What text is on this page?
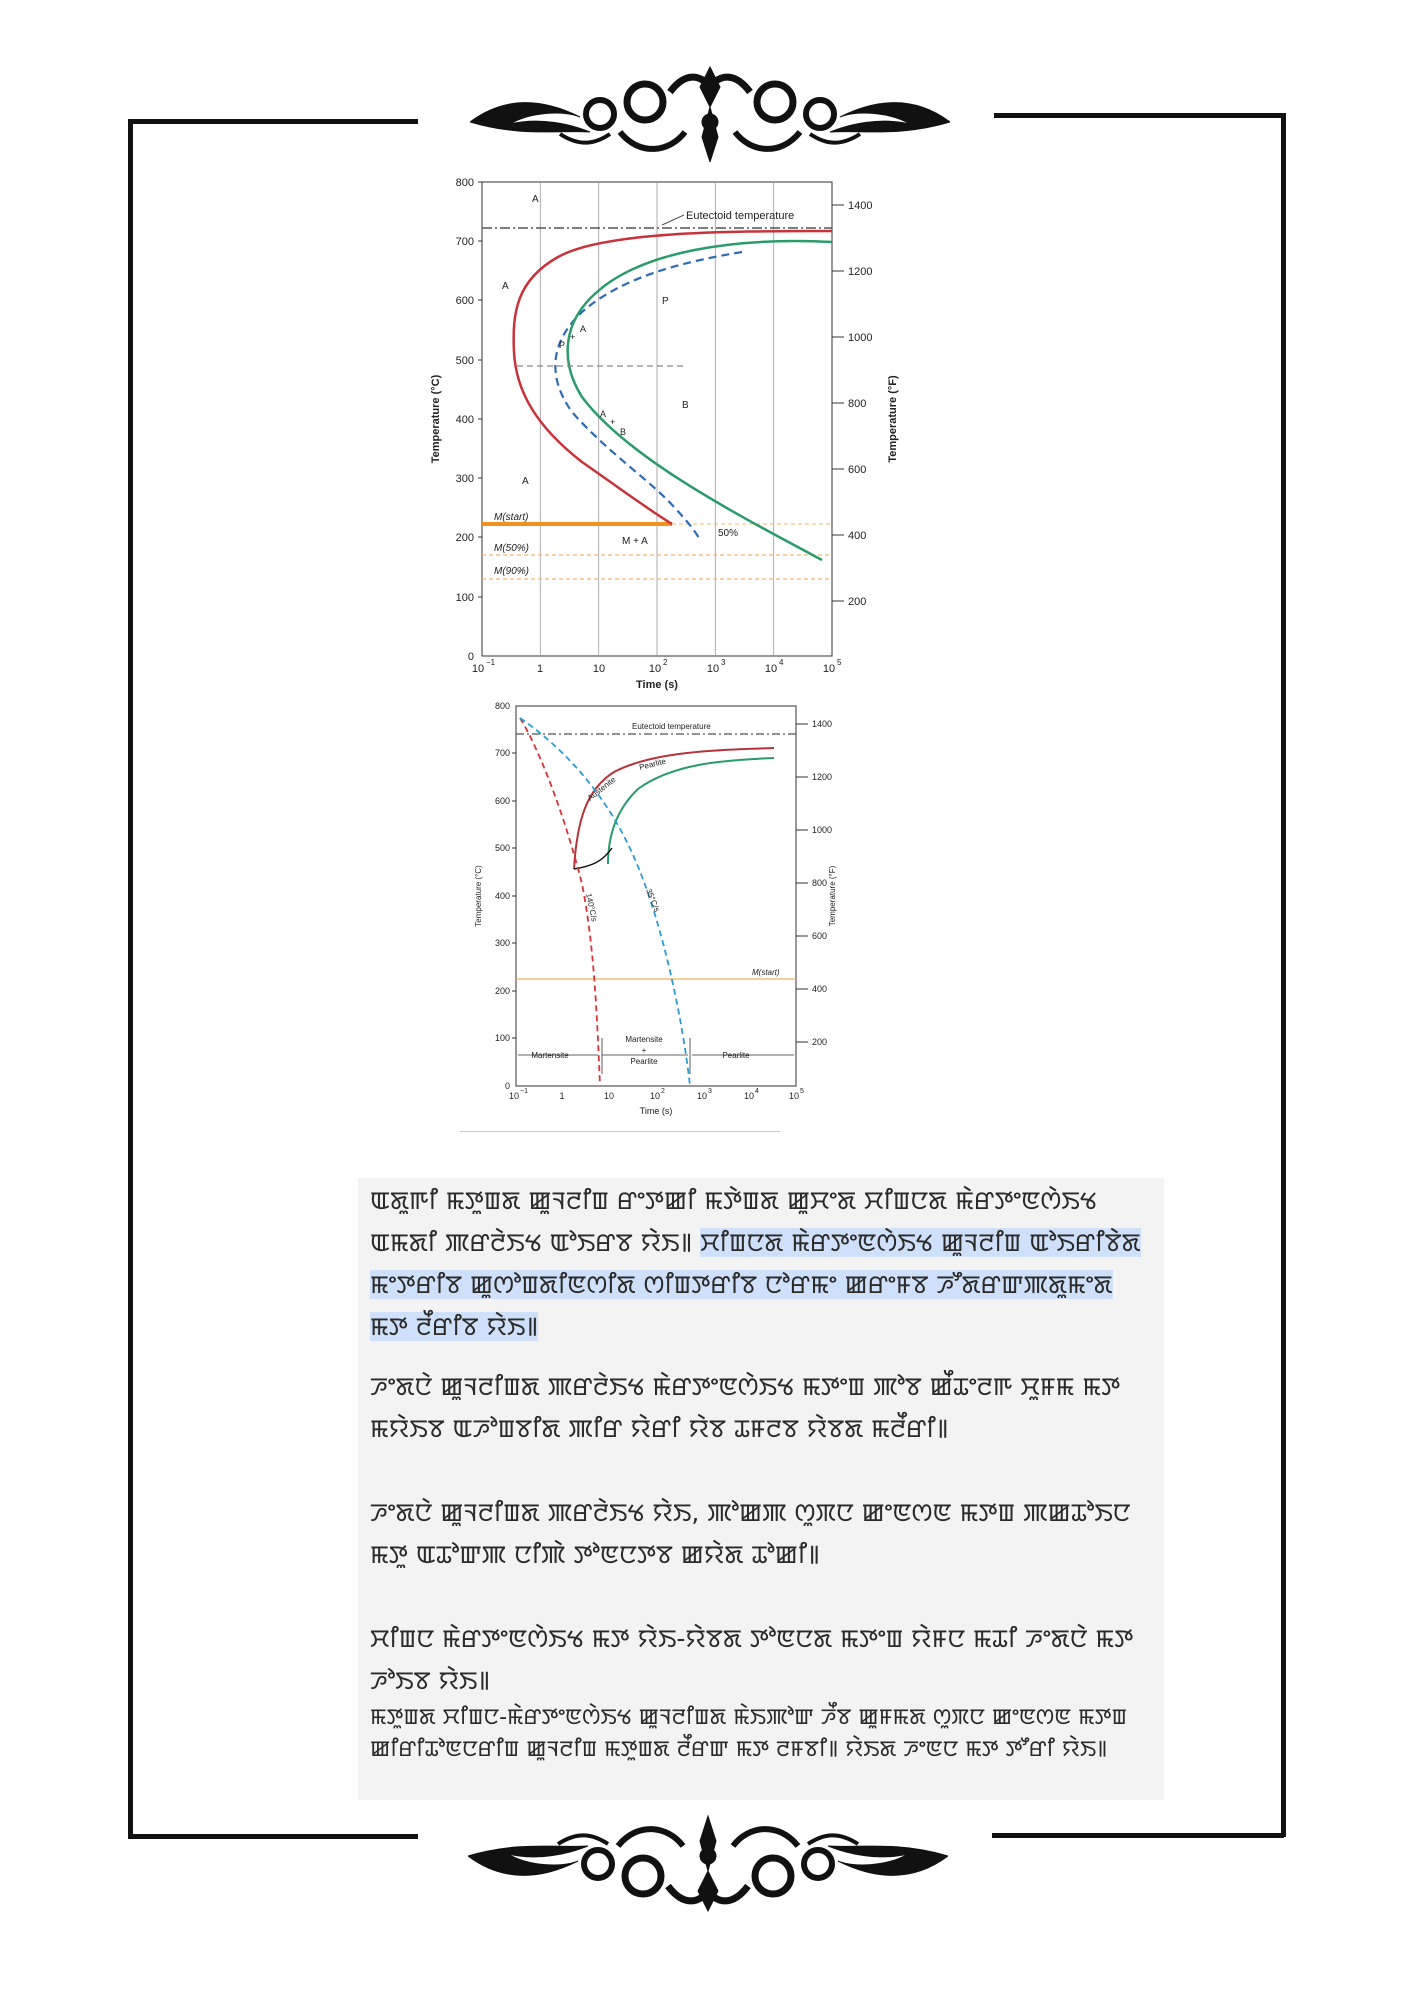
Eutectoid temperature
800
700
600
500
400
300
200
100
0
1400
1200
1000
800
600
400
200
10	1	10	10	10	10	10
−1	2	3	4	5
Time (s)
Temperature (°C)	Temperature (°F)
A
A
A
P
B
P
+
A
A
+
B
M(start)
M(50%)
M(90%)
M + A
50%
Eutectoid temperature
800
700
600
500
400
300
200
100
0
1400
1200
1000
800
600
400
200
10	1	10	10	10	10	10
−1	2	3	4	5
Time (s)
Temperature (°C)	Temperature (°F)
M(start)
Austenite
Pearlite
140°C/s	35°C/s
Martensite
Martensite
+
Pearlite
Pearlite
ꯑꯗꯨꯒꯤ ꯃꯇꯨꯡꯗ ꯀꯨꯜꯂꯤꯡ ꯔꯦꯇꯀꯤ ꯃꯇꯥꯡꯗ ꯀꯨꯆꯦꯗ ꯆꯤꯡꯅꯗ ꯃꯥꯔꯇꯦꯟꯁꯥꯏꯠ ꯑꯃꯗꯤ ꯄꯔꯂꯥꯏꯠ ꯑꯣꯏꯔꯕ ꯌꯥꯏ꯫ ꯆꯤꯡꯅꯗ ꯃꯥꯔꯇꯦꯟꯁꯥꯏꯠ ꯀꯨꯜꯂꯤꯡ ꯑꯣꯏꯔꯤꯕꯥꯗ ꯃꯦꯇꯔꯤꯕ ꯀꯨꯁꯣꯡꯗꯤꯟꯁꯤꯗ ꯁꯤꯡꯇꯔꯤꯕ ꯅꯣꯔꯃꯦ ꯀꯔꯦꯝꯕ ꯍꯧꯗꯔꯛꯄꯗꯨꯃꯦꯗ ꯃꯇ ꯂꯩꯔꯤꯕ ꯌꯥꯏ꯫
ꯍꯦꯗꯅꯥ ꯀꯨꯜꯂꯤꯡꯗ ꯄꯔꯂꯥꯏꯠ ꯃꯥꯔꯇꯦꯟꯁꯥꯏꯠ ꯃꯇꯦꯡ ꯄꯣꯕ ꯀꯩꯊꯦꯂꯒ ꯆꯨꯝꯃ ꯃꯇ ꯃꯌꯥꯏꯕ ꯑꯍꯣꯡꯕꯤꯗ ꯄꯤꯔ ꯌꯥꯔꯤ ꯌꯥꯕ ꯊꯝꯂꯕ ꯌꯥꯕꯗ ꯃꯂꯩꯔꯤ꯫
ꯍꯦꯗꯅꯥ ꯀꯨꯜꯂꯤꯡꯗ ꯄꯔꯂꯥꯏꯠ ꯌꯥꯏ, ꯄꯣꯀꯄ ꯁꯨꯞꯅ ꯀꯦꯟꯁꯟ ꯃꯇꯡ ꯄꯀꯊꯣꯏꯅ ꯃꯇꯨ ꯑꯊꯣꯛꯄ ꯅꯤꯄꯥ ꯇꯣꯟꯅꯇꯕ ꯀꯌꯥꯗ ꯊꯣꯀꯤ꯫
ꯆꯤꯡꯅ ꯃꯥꯔꯇꯦꯟꯁꯥꯏꯠ ꯃꯇ ꯌꯥꯏ-ꯌꯥꯕꯗ ꯇꯣꯟꯅꯗ ꯃꯇꯦꯡ ꯌꯥꯝꯅ ꯃꯊꯤ ꯍꯦꯗꯅꯥ ꯃꯇ ꯍꯣꯏꯕ ꯌꯥꯏ꯫
ꯃꯇꯨꯡꯗ ꯆꯤꯡꯅ-ꯃꯥꯔꯇꯦꯟꯁꯥꯏꯠ ꯀꯨꯜꯂꯤꯡꯗ ꯃꯥꯏꯄꯣꯛ ꯍꯩꯕ ꯀꯨꯝꯃꯗ ꯁꯨꯞꯅ ꯀꯦꯟꯁꯟ ꯃꯇꯡ ꯀꯤꯔꯤꯊꯣꯟꯅꯔꯤꯡ ꯀꯨꯜꯂꯤꯡ ꯃꯇꯨꯡꯗ ꯂꯩꯔꯛ ꯃꯇ ꯂꯝꯕꯤ꯫ ꯌꯥꯏꯗ ꯍꯦꯟꯅ ꯃꯇ ꯇꯧꯔꯤ ꯌꯥꯏ꯫
